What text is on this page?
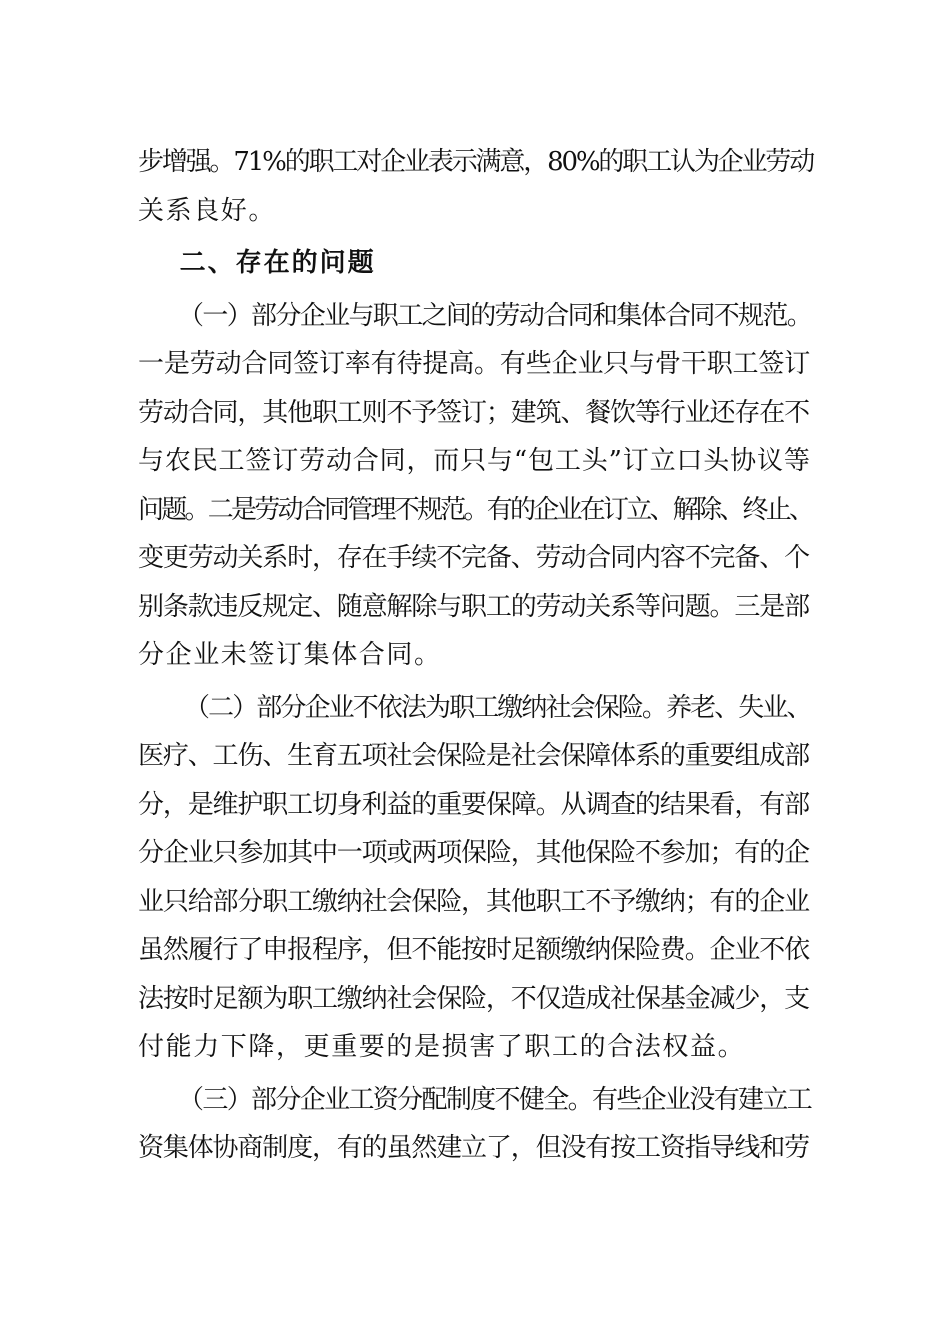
步增强。71%的职工对企业表示满意，80%的职工认为企业劳动
关系良好。

二、存在的问题

（一）部分企业与职工之间的劳动合同和集体合同不规范。
一是劳动合同签订率有待提高。有些企业只与骨干职工签订
劳动合同，其他职工则不予签订；建筑、餐饮等行业还存在不
与农民工签订劳动合同，而只与“包工头”订立口头协议等
问题。二是劳动合同管理不规范。有的企业在订立、解除、终止、
变更劳动关系时，存在手续不完备、劳动合同内容不完备、个
别条款违反规定、随意解除与职工的劳动关系等问题。三是部
分企业未签订集体合同。

（二）部分企业不依法为职工缴纳社会保险。养老、失业、
医疗、工伤、生育五项社会保险是社会保障体系的重要组成部
分，是维护职工切身利益的重要保障。从调查的结果看，有部
分企业只参加其中一项或两项保险，其他保险不参加；有的企
业只给部分职工缴纳社会保险，其他职工不予缴纳；有的企业
虽然履行了申报程序，但不能按时足额缴纳保险费。企业不依
法按时足额为职工缴纳社会保险，不仅造成社保基金减少，支
付能力下降，更重要的是损害了职工的合法权益。

（三）部分企业工资分配制度不健全。有些企业没有建立工
资集体协商制度，有的虽然建立了，但没有按工资指导线和劳
